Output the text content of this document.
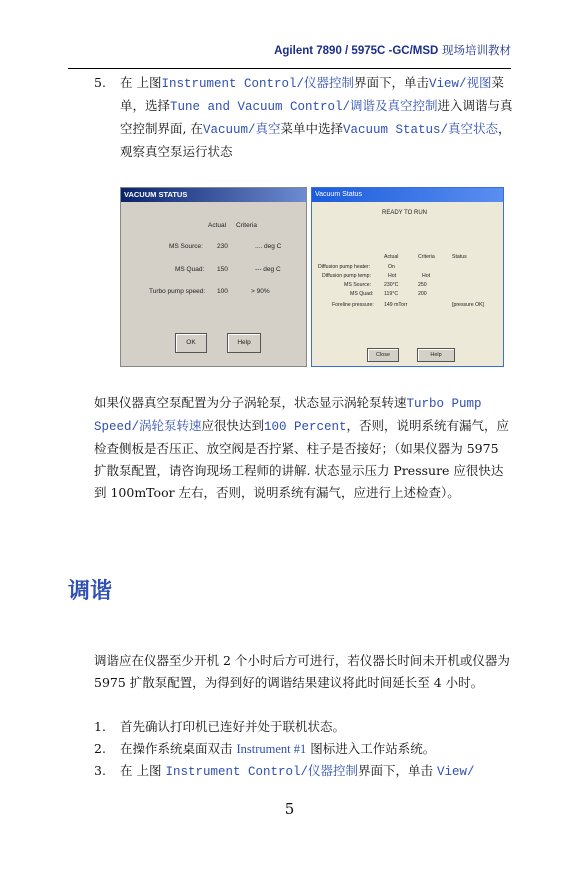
Agilent 7890 / 5975C -GC/MSD 现场培训教材
5. 在 上图Instrument Control/仪器控制界面下，单击View/视图菜单，选择Tune and Vacuum Control/调谐及真空控制进入调谐与真空控制界面, 在Vacuum/真空菜单中选择Vacuum Status/真空状态，观察真空泵运行状态
VACUUM STATUS
Actual Criteria
MS Source: 230	.... deg C
MS Quad: 150	--- deg C
Turbo pump speed: 100	> 90%
OK	Help
Vacuum Status
READY TO RUN
Actual	Criteria	Status
Diffusion pump heater:	On
Diffusion pump temp:	Hot	Hot
MS Source: 230°C	250
MS Quad: 119°C	200
Foreline pressure: 149 mTorr	[pressure OK]
Close	Help
如果仪器真空泵配置为分子涡轮泵，状态显示涡轮泵转速Turbo Pump Speed/涡轮泵转速应很快达到100 Percent，否则，说明系统有漏气，应检查侧板是否压正、放空阀是否拧紧、柱子是否接好；（如果仪器为 5975 扩散泵配置，请咨询现场工程师的讲解. 状态显示压力 Pressure 应很快达到 100mToor 左右，否则，说明系统有漏气，应进行上述检查）。
调谐
调谐应在仪器至少开机 2 个小时后方可进行，若仪器长时间未开机或仪器为 5975 扩散泵配置，为得到好的调谐结果建议将此时间延长至 4 小时。
1. 首先确认打印机已连好并处于联机状态。
2. 在操作系统桌面双击 Instrument #1 图标进入工作站系统。
3. 在 上图 Instrument Control/仪器控制界面下，单击 View/
5
